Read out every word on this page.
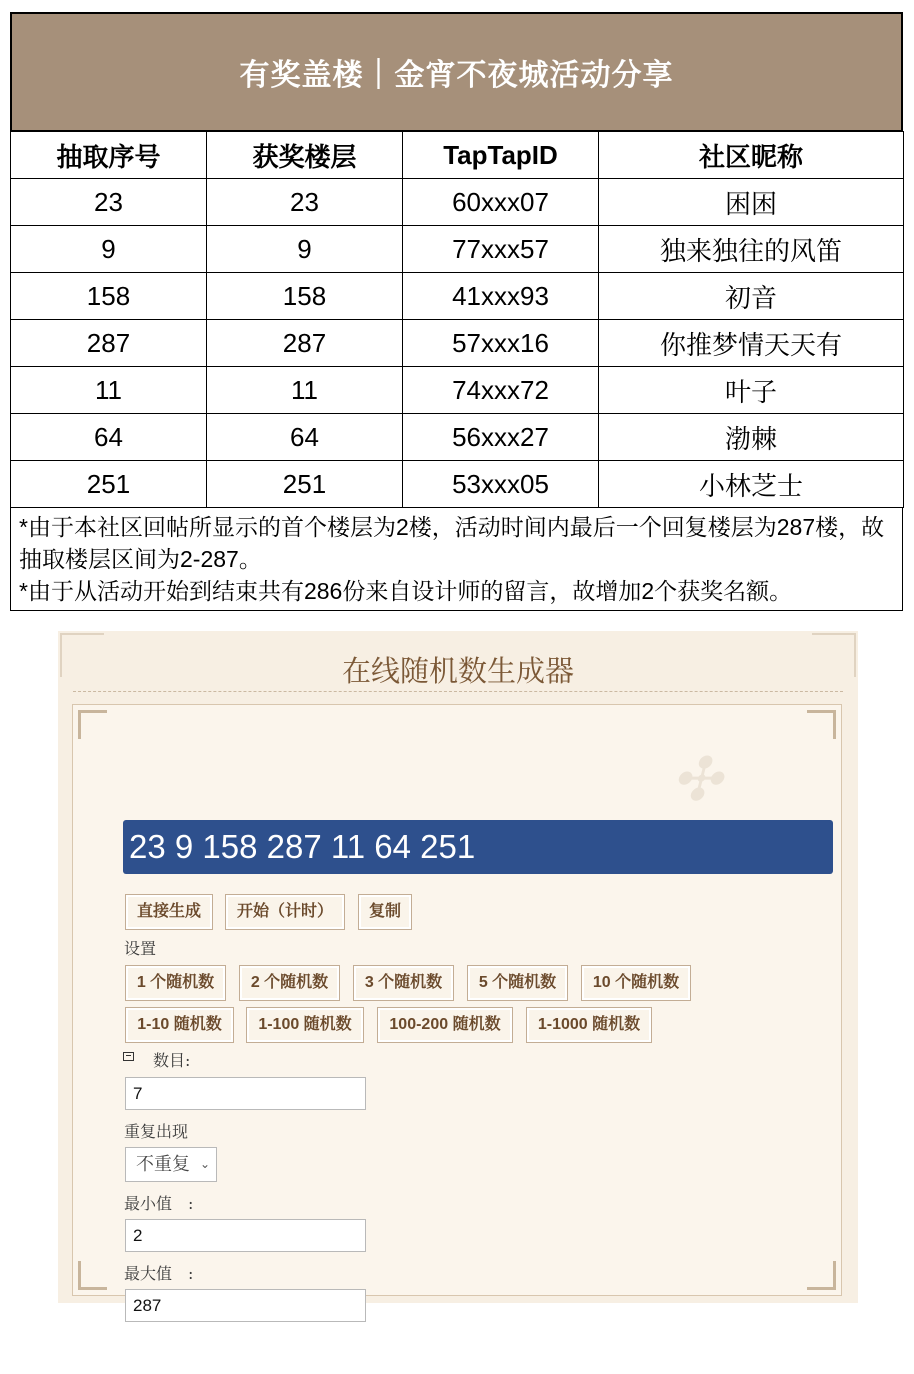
有奖盖楼｜金宵不夜城活动分享
抽取序号	获奖楼层	TapTapID	社区昵称
23	23	60xxx07	困困
9	9	77xxx57	独来独往的风笛
158	158	41xxx93	初音
287	287	57xxx16	你推梦情天天有
11	11	74xxx72	叶子
64	64	56xxx27	渤棘
251	251	53xxx05	小林芝士
*由于本社区回帖所显示的首个楼层为2楼，活动时间内最后一个回复楼层为287楼，故抽取楼层区间为2-287。
*由于从活动开始到结束共有286份来自设计师的留言，故增加2个获奖名额。
在线随机数生成器
✣
23 9 158 287 11 64 251
直接生成	开始（计时）	复制
设置
1 个随机数	2 个随机数	3 个随机数	5 个随机数	10 个随机数
1-10 随机数	1-100 随机数	100-200 随机数	1-1000 随机数
数目:
7
重复出现
不重复 ⌄
最小值　:
2
最大值　:
287
